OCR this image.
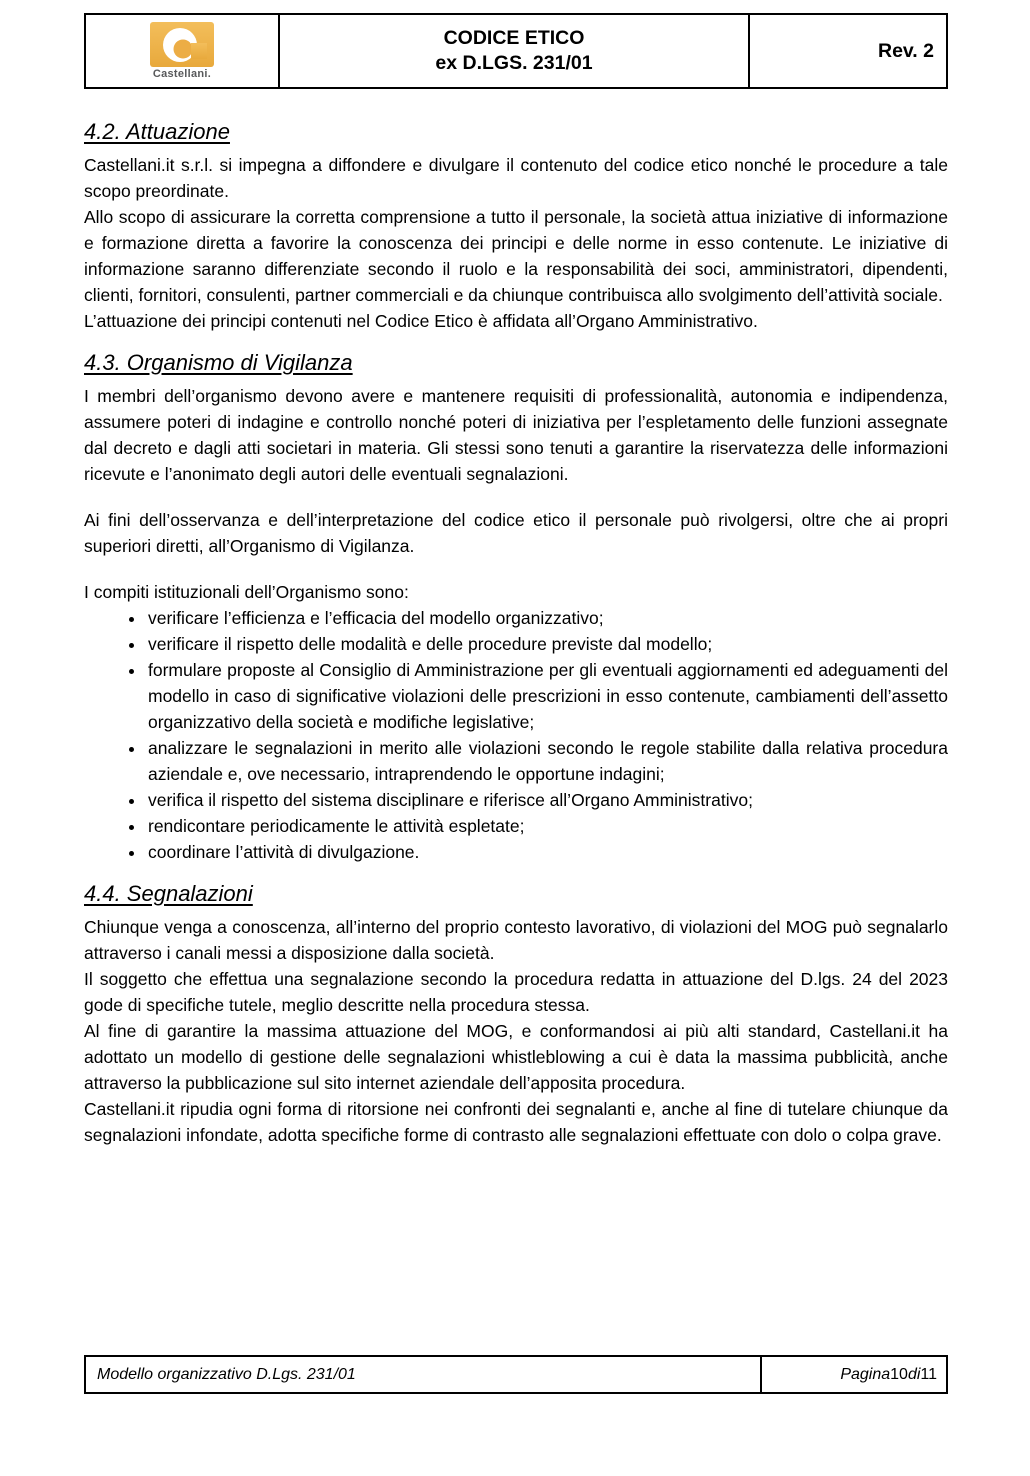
Castellani.
CODICE ETICO
ex D.LGS. 231/01
Rev. 2
4.2. Attuazione

Castellani.it s.r.l. si impegna a diffondere e divulgare il contenuto del codice etico nonché le procedure a tale scopo preordinate.

Allo scopo di assicurare la corretta comprensione a tutto il personale, la società attua iniziative di informazione e formazione diretta a favorire la conoscenza dei principi e delle norme in esso contenute. Le iniziative di informazione saranno differenziate secondo il ruolo e la responsabilità dei soci, amministratori, dipendenti, clienti, fornitori, consulenti, partner commerciali e da chiunque contribuisca allo svolgimento dell’attività sociale.

L’attuazione dei principi contenuti nel Codice Etico è affidata all’Organo Amministrativo.

4.3. Organismo di Vigilanza

I membri dell’organismo devono avere e mantenere requisiti di professionalità, autonomia e indipendenza, assumere poteri di indagine e controllo nonché poteri di iniziativa per l’espletamento delle funzioni assegnate dal decreto e dagli atti societari in materia. Gli stessi sono tenuti a garantire la riservatezza delle informazioni ricevute e l’anonimato degli autori delle eventuali segnalazioni.

Ai fini dell’osservanza e dell’interpretazione del codice etico il personale può rivolgersi, oltre che ai propri superiori diretti, all’Organismo di Vigilanza.

I compiti istituzionali dell’Organismo sono:

• verificare l’efficienza e l’efficacia del modello organizzativo;
• verificare il rispetto delle modalità e delle procedure previste dal modello;
• formulare proposte al Consiglio di Amministrazione per gli eventuali aggiornamenti ed adeguamenti del modello in caso di significative violazioni delle prescrizioni in esso contenute, cambiamenti dell’assetto organizzativo della società e modifiche legislative;
• analizzare le segnalazioni in merito alle violazioni secondo le regole stabilite dalla relativa procedura aziendale e, ove necessario, intraprendendo le opportune indagini;
• verifica il rispetto del sistema disciplinare e riferisce all’Organo Amministrativo;
• rendicontare periodicamente le attività espletate;
• coordinare l’attività di divulgazione.
4.4. Segnalazioni

Chiunque venga a conoscenza, all’interno del proprio contesto lavorativo, di violazioni del MOG può segnalarlo attraverso i canali messi a disposizione dalla società.

Il soggetto che effettua una segnalazione secondo la procedura redatta in attuazione del D.lgs. 24 del 2023 gode di specifiche tutele, meglio descritte nella procedura stessa.

Al fine di garantire la massima attuazione del MOG, e conformandosi ai più alti standard, Castellani.it ha adottato un modello di gestione delle segnalazioni whistleblowing a cui è data la massima pubblicità, anche attraverso la pubblicazione sul sito internet aziendale dell’apposita procedura.

Castellani.it ripudia ogni forma di ritorsione nei confronti dei segnalanti e, anche al fine di tutelare chiunque da segnalazioni infondate, adotta specifiche forme di contrasto alle segnalazioni effettuate con dolo o colpa grave.

Modello organizzativo D.Lgs. 231/01	Pagina 10 di 11
